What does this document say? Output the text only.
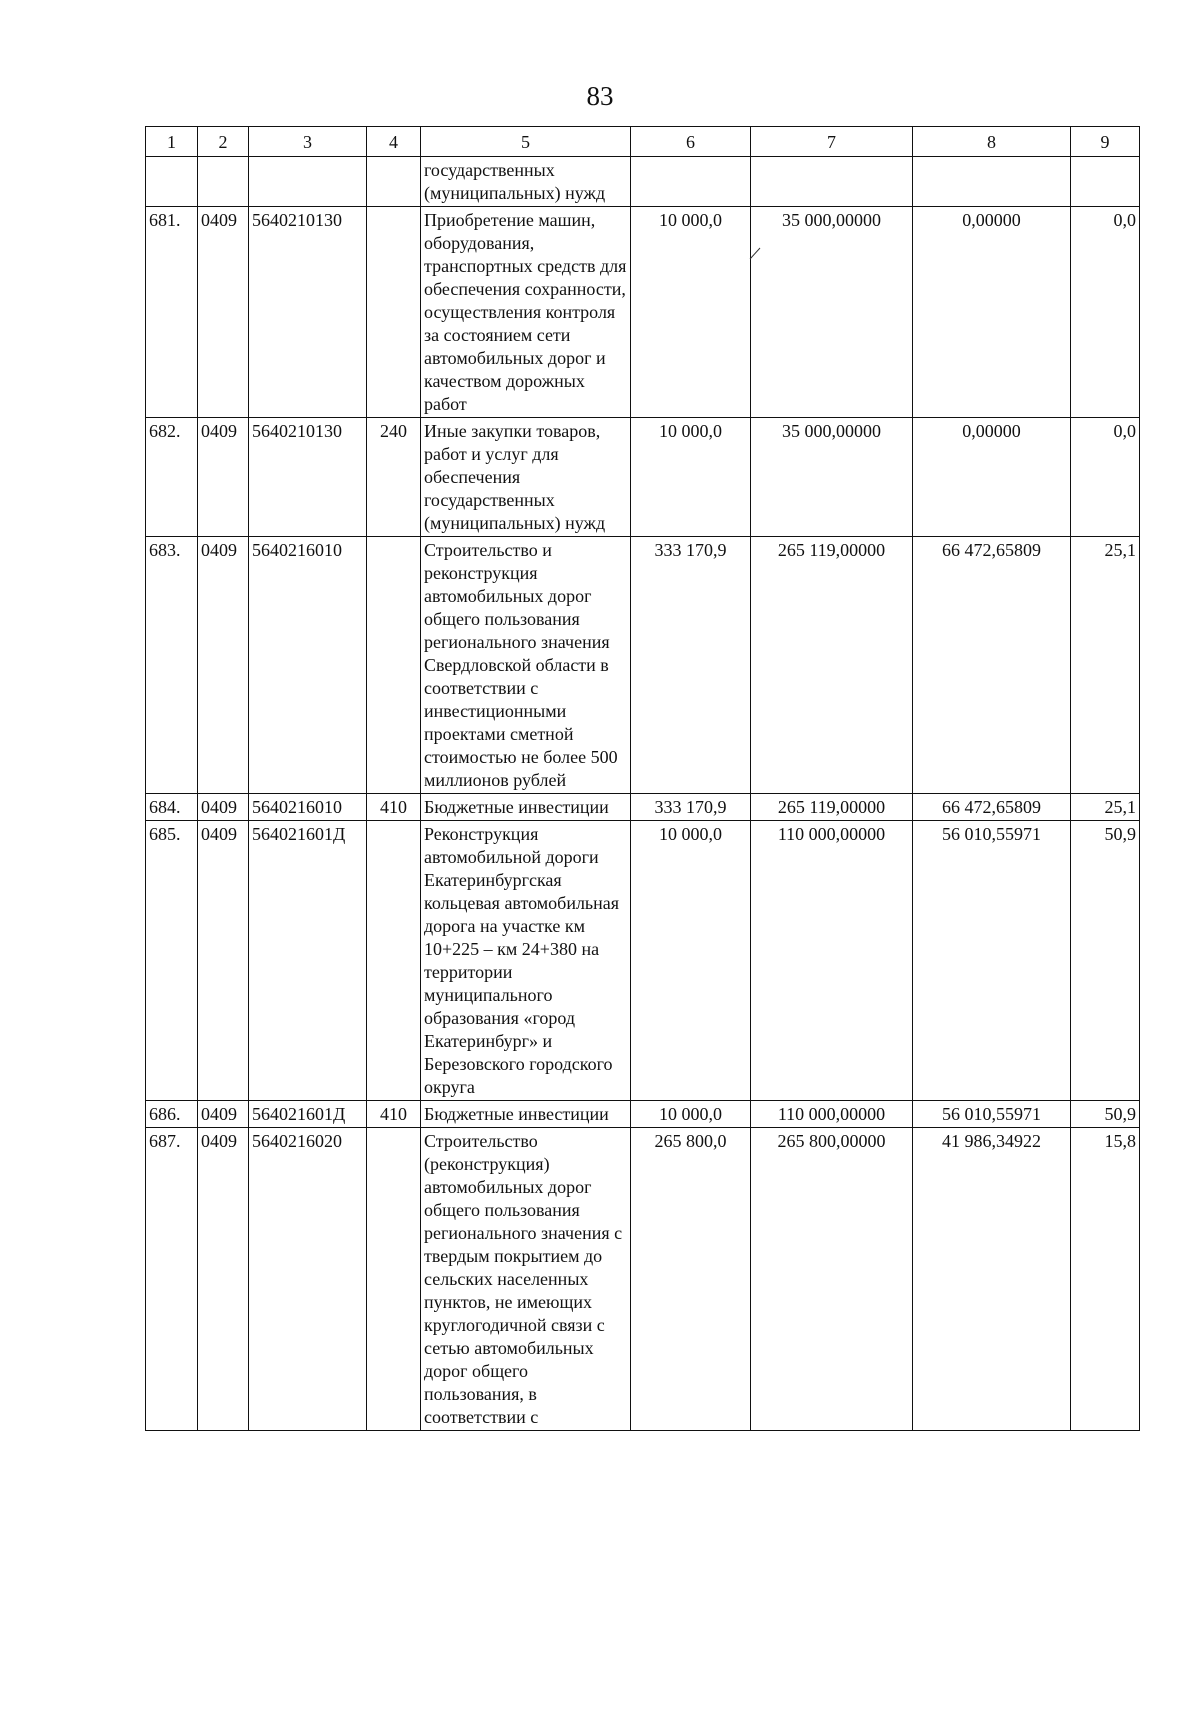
83
1	2	3	4	5	6	7	8	9
				государственных (муниципальных) нужд				
681.	0409	5640210130		Приобретение машин, оборудования, транспортных средств для обеспечения сохранности, осуществления контроля за состоянием сети автомобильных дорог и качеством дорожных работ	10 000,0	35 000,00000	0,00000	0,0
682.	0409	5640210130	240	Иные закупки товаров, работ и услуг для обеспечения государственных (муниципальных) нужд	10 000,0	35 000,00000	0,00000	0,0
683.	0409	5640216010		Строительство и реконструкция автомобильных дорог общего пользования регионального значения Свердловской области в соответствии с инвестиционными проектами сметной стоимостью не более 500 миллионов рублей	333 170,9	265 119,00000	66 472,65809	25,1
684.	0409	5640216010	410	Бюджетные инвестиции	333 170,9	265 119,00000	66 472,65809	25,1
685.	0409	564021601Д		Реконструкция автомобильной дороги Екатеринбургская кольцевая автомобильная дорога на участке км 10+225 – км 24+380 на территории муниципального образования «город Екатеринбург» и Березовского городского округа	10 000,0	110 000,00000	56 010,55971	50,9
686.	0409	564021601Д	410	Бюджетные инвестиции	10 000,0	110 000,00000	56 010,55971	50,9
687.	0409	5640216020		Строительство (реконструкция) автомобильных дорог общего пользования регионального значения с твердым покрытием до сельских населенных пунктов, не имеющих круглогодичной связи с сетью автомобильных дорог общего пользования, в соответствии с	265 800,0	265 800,00000	41 986,34922	15,8
